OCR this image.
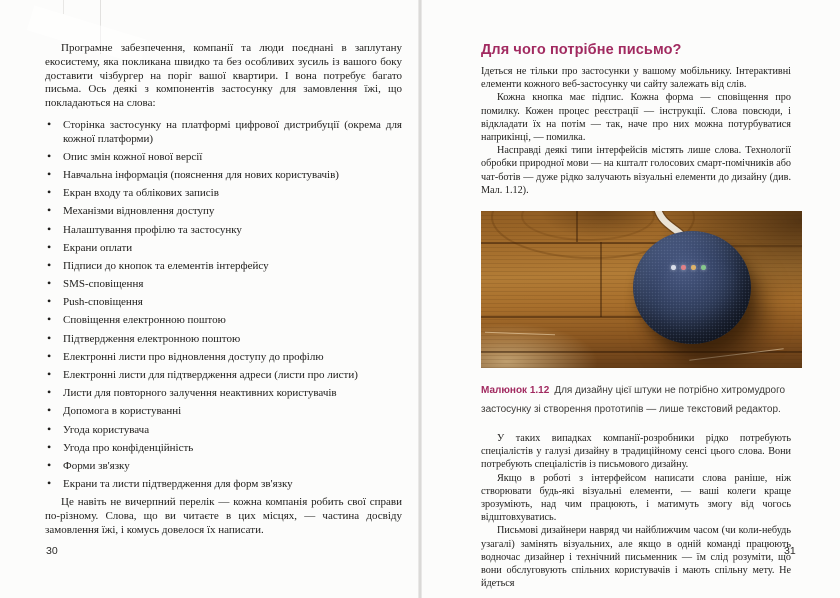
Програмне забезпечення, компанії та люди поєднані в заплутану екосистему, яка покликана швидко та без особливих зусиль із вашого боку доставити чізбургер на поріг вашої квартири. І вона потребує багато письма. Ось деякі з компонентів застосунку для замовлення їжі, що покладаються на слова:

• Сторінка застосунку на платформі цифрової дистрибуції (окрема для кожної платформи)
• Опис змін кожної нової версії
• Навчальна інформація (пояснення для нових користувачів)
• Екран входу та облікових записів
• Механізми відновлення доступу
• Налаштування профілю та застосунку
• Екрани оплати
• Підписи до кнопок та елементів інтерфейсу
• SMS-сповіщення
• Push-сповіщення
• Сповіщення електронною поштою
• Підтвердження електронною поштою
• Електронні листи про відновлення доступу до профілю
• Електронні листи для підтвердження адреси (листи про листи)
• Листи для повторного залучення неактивних користувачів
• Допомога в користуванні
• Угода користувача
• Угода про конфіденційність
• Форми зв'язку
• Екрани та листи підтвердження для форм зв'язку

Це навіть не вичерпний перелік — кожна компанія робить свої справи по-різному. Слова, що ви читаєте в цих місцях, — частина досвіду замовлення їжі, і комусь довелося їх написати.

30
Для чого потрібне письмо?

Ідеться не тільки про застосунки у вашому мобільнику. Інтерактивні елементи кожного веб-застосунку чи сайту залежать від слів.

Кожна кнопка має підпис. Кожна форма — сповіщення про помилку. Кожен процес реєстрації — інструкції. Слова повсюди, і відкладати їх на потім — так, наче про них можна потурбуватися наприкінці, — помилка.

Насправді деякі типи інтерфейсів містять лише слова. Технології обробки природної мови — на кшталт голосових смарт-помічників або чат-ботів — дуже рідко залучають візуальні елементи до дизайну (див. Мал. 1.12).

Малюнок 1.12 Для дизайну цієї штуки не потрібно хитромудрого застосунку зі створення прототипів — лише текстовий редактор.

У таких випадках компанії-розробники рідко потребують спеціалістів у галузі дизайну в традиційному сенсі цього слова. Вони потребують спеціалістів із письмового дизайну.

Якщо в роботі з інтерфейсом написати слова раніше, ніж створювати будь-які візуальні елементи, — ваші колеги краще зрозуміють, над чим працюють, і матимуть змогу від чогось відштовхуватись.

Письмові дизайнери навряд чи найближчим часом (чи коли-небудь узагалі) замінять візуальних, але якщо в одній команді працюють водночас дизайнер і технічний письменник — їм слід розуміти, що вони обслуговують спільних користувачів і мають спільну мету. Не йдеться

31
